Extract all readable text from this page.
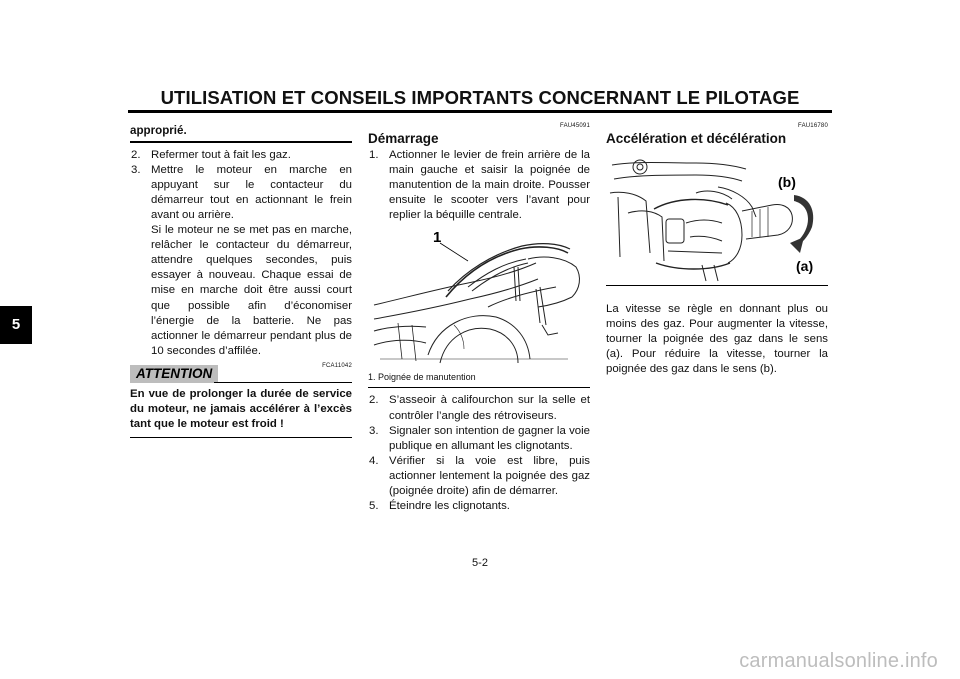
UTILISATION ET CONSEILS IMPORTANTS CONCERNANT LE PILOTAGE
5

approprié.

2. Refermer tout à fait les gaz.
3. Mettre le moteur en marche en appuyant sur le contacteur du démarreur tout en actionnant le frein avant ou arrière.

Si le moteur ne se met pas en marche, relâcher le contacteur du démarreur, attendre quelques secondes, puis essayer à nouveau. Chaque essai de mise en marche doit être aussi court que possible afin d’économiser l’énergie de la batterie. Ne pas actionner le démarreur pendant plus de 10 secondes d’affilée.

FCA11042
ATTENTION

En vue de prolonger la durée de service du moteur, ne jamais accélérer à l’excès tant que le moteur est froid !

FAU45091
Démarrage
1. Actionner le levier de frein arrière de la main gauche et saisir la poignée de manutention de la main droite. Pousser ensuite le scooter vers l’avant pour replier la béquille centrale.
1
1. Poignée de manutention
2. S’asseoir à califourchon sur la selle et contrôler l’angle des rétroviseurs.
3. Signaler son intention de gagner la voie publique en allumant les clignotants.
4. Vérifier si la voie est libre, puis actionner lentement la poignée des gaz (poignée droite) afin de démarrer.
5. Éteindre les clignotants.
FAU16780
Accélération et décélération
(b)
(a)

La vitesse se règle en donnant plus ou moins des gaz. Pour augmenter la vitesse, tourner la poignée des gaz dans le sens (a). Pour réduire la vitesse, tourner la poignée des gaz dans le sens (b).

5-2
carmanualsonline.info
